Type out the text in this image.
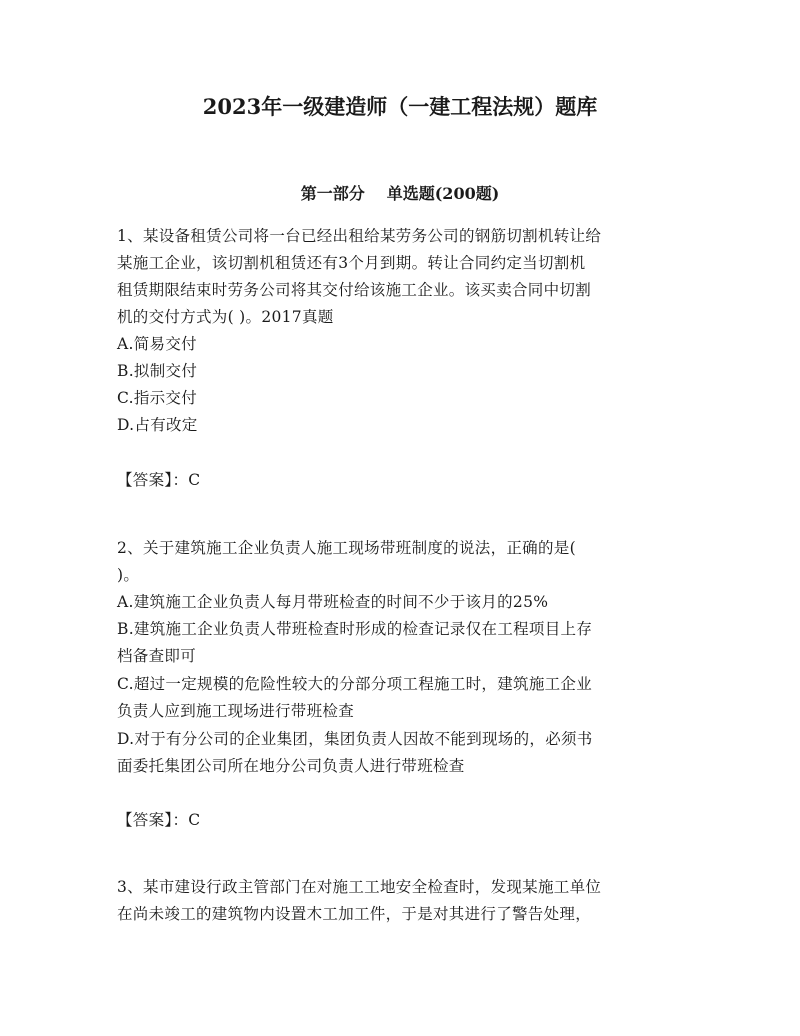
2023年一级建造师（一建工程法规）题库
第一部分 单选题(200题)
1、某设备租赁公司将一台已经出租给某劳务公司的钢筋切割机转让给
某施工企业，该切割机租赁还有3个月到期。转让合同约定当切割机
租赁期限结束时劳务公司将其交付给该施工企业。该买卖合同中切割
机的交付方式为( )。2017真题
A.简易交付
B.拟制交付
C.指示交付
D.占有改定
【答案】：C
2、关于建筑施工企业负责人施工现场带班制度的说法，正确的是(
)。
A.建筑施工企业负责人每月带班检查的时间不少于该月的25%
B.建筑施工企业负责人带班检查时形成的检查记录仅在工程项目上存
档备查即可
C.超过一定规模的危险性较大的分部分项工程施工时，建筑施工企业
负责人应到施工现场进行带班检查
D.对于有分公司的企业集团，集团负责人因故不能到现场的，必须书
面委托集团公司所在地分公司负责人进行带班检查
【答案】：C
3、某市建设行政主管部门在对施工工地安全检查时，发现某施工单位
在尚未竣工的建筑物内设置木工加工件，于是对其进行了警告处理，
